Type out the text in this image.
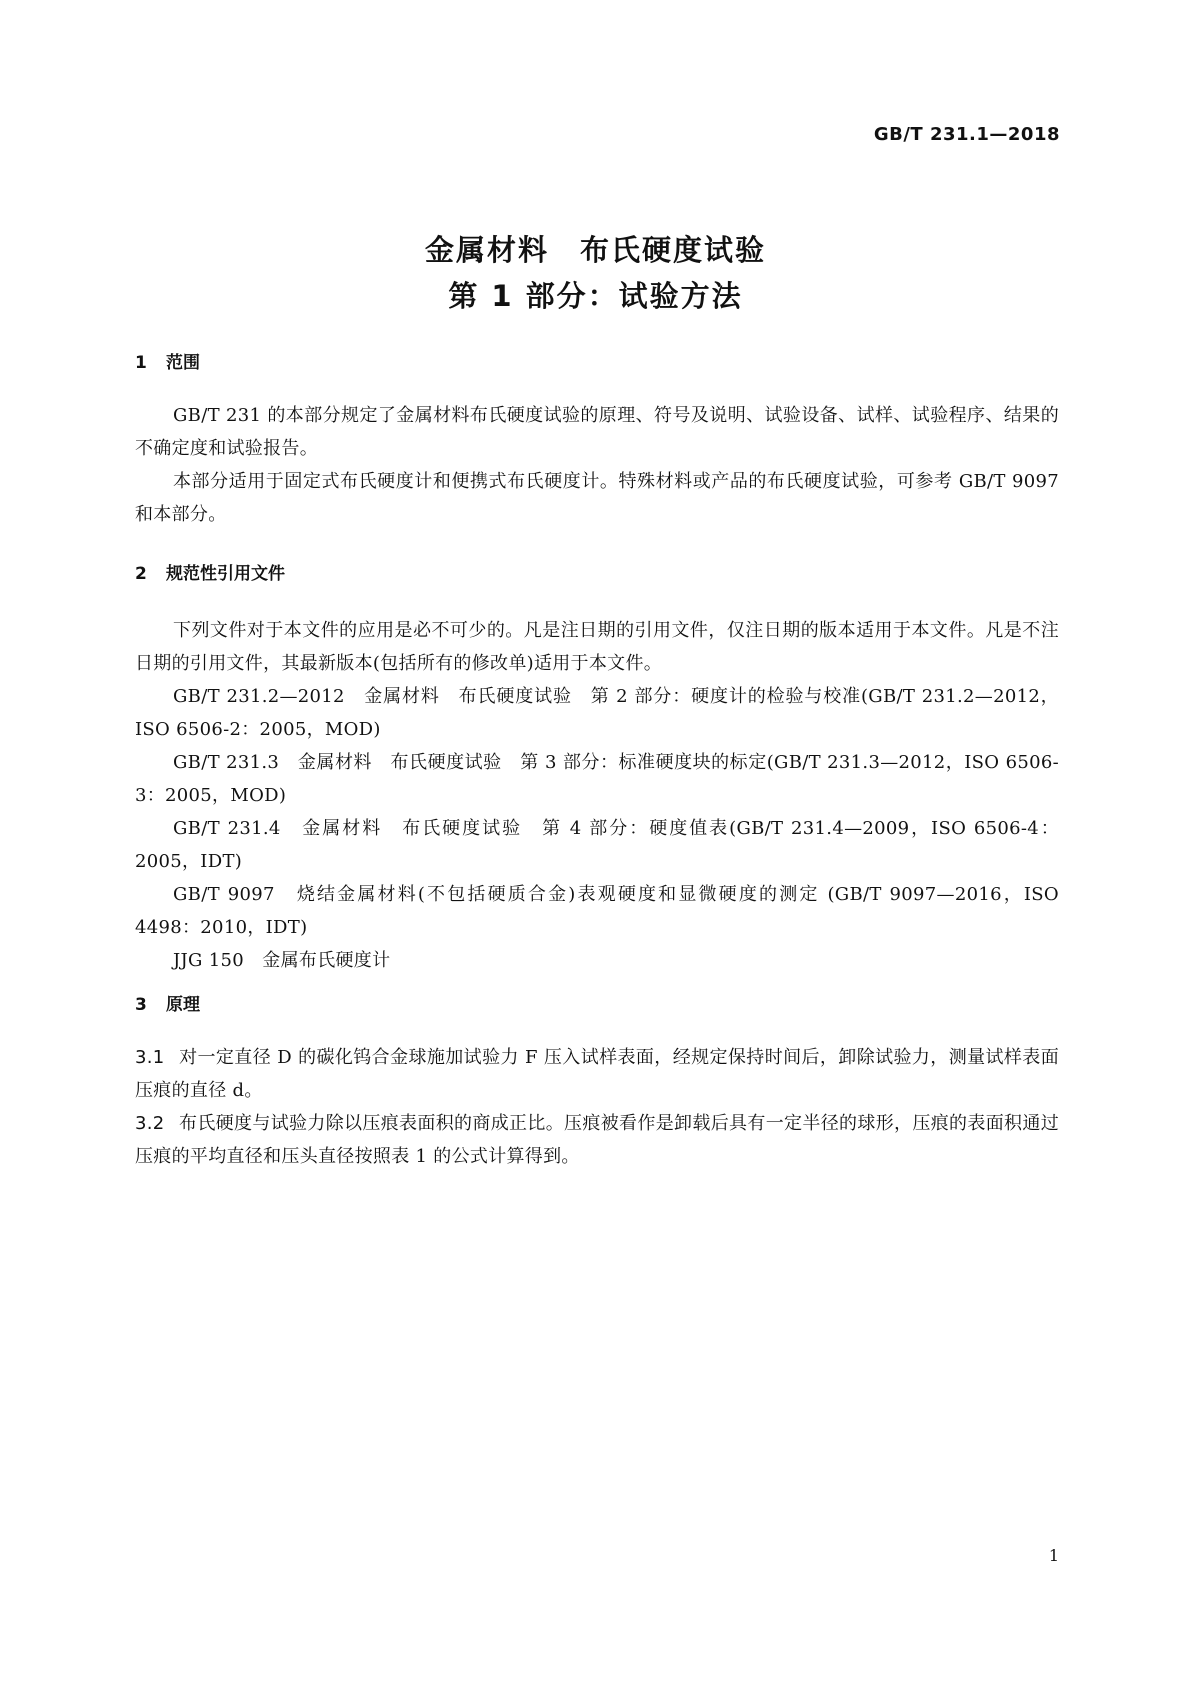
GB/T 231.1—2018
金属材料　布氏硬度试验
第 1 部分：试验方法
1 范围

GB/T 231 的本部分规定了金属材料布氏硬度试验的原理、符号及说明、试验设备、试样、试验程序、结果的不确定度和试验报告。

本部分适用于固定式布氏硬度计和便携式布氏硬度计。特殊材料或产品的布氏硬度试验，可参考 GB/T 9097 和本部分。

2 规范性引用文件

下列文件对于本文件的应用是必不可少的。凡是注日期的引用文件，仅注日期的版本适用于本文件。凡是不注日期的引用文件，其最新版本(包括所有的修改单)适用于本文件。

GB/T 231.2—2012　金属材料　布氏硬度试验　第 2 部分：硬度计的检验与校准(GB/T 231.2—2012，ISO 6506-2：2005，MOD)

GB/T 231.3　金属材料　布氏硬度试验　第 3 部分：标准硬度块的标定(GB/T 231.3—2012，ISO 6506-3：2005，MOD)

GB/T 231.4　金属材料　布氏硬度试验　第 4 部分：硬度值表(GB/T 231.4—2009，ISO 6506-4：2005，IDT)

GB/T 9097　烧结金属材料(不包括硬质合金)表观硬度和显微硬度的测定 (GB/T 9097—2016，ISO 4498：2010，IDT)

JJG 150　金属布氏硬度计

3 原理

3.1 对一定直径 D 的碳化钨合金球施加试验力 F 压入试样表面，经规定保持时间后，卸除试验力，测量试样表面压痕的直径 d。

3.2 布氏硬度与试验力除以压痕表面积的商成正比。压痕被看作是卸载后具有一定半径的球形，压痕的表面积通过压痕的平均直径和压头直径按照表 1 的公式计算得到。

1
